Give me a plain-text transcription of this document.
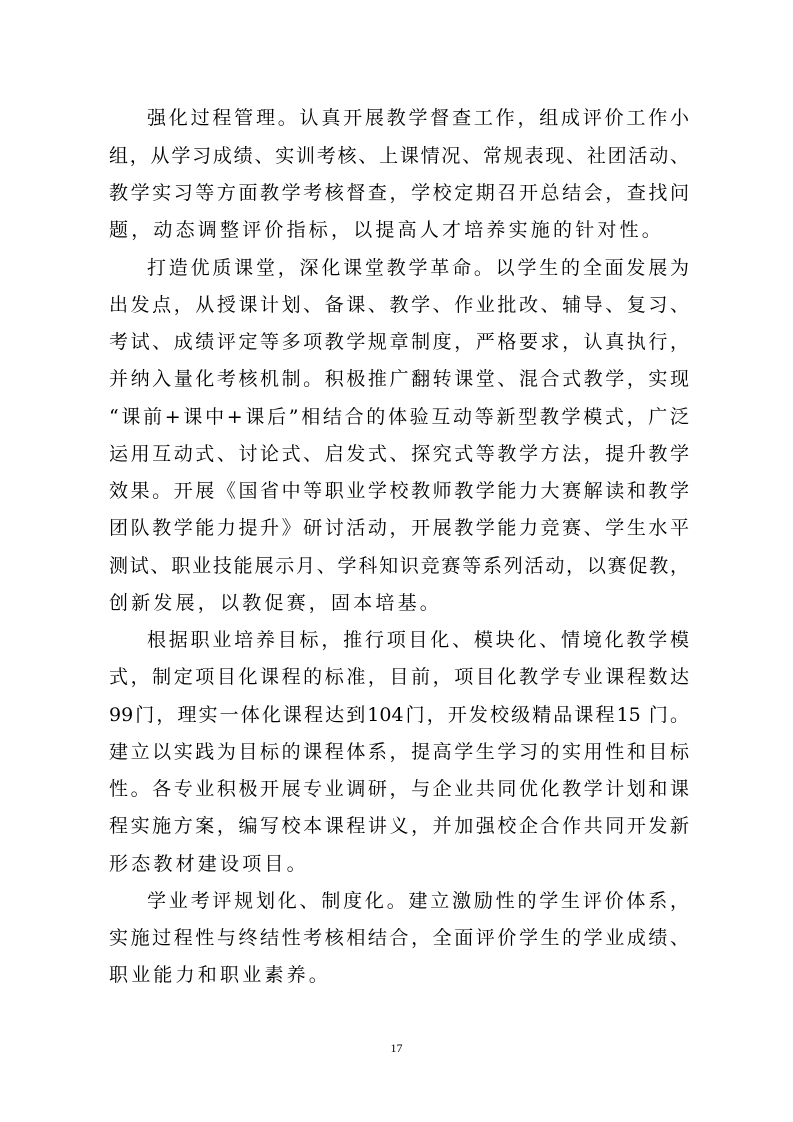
强化过程管理。认真开展教学督查工作，组成评价工作小
组，从学习成绩、实训考核、上课情况、常规表现、社团活动、
教学实习等方面教学考核督查，学校定期召开总结会，查找问
题，动态调整评价指标，以提高人才培养实施的针对性。
打造优质课堂，深化课堂教学革命。以学生的全面发展为
出发点，从授课计划、备课、教学、作业批改、辅导、复习、
考试、成绩评定等多项教学规章制度，严格要求，认真执行，
并纳入量化考核机制。积极推广翻转课堂、混合式教学，实现
“课前+课中+课后”相结合的体验互动等新型教学模式，广泛
运用互动式、讨论式、启发式、探究式等教学方法，提升教学
效果。开展《国省中等职业学校教师教学能力大赛解读和教学
团队教学能力提升》研讨活动，开展教学能力竞赛、学生水平
测试、职业技能展示月、学科知识竞赛等系列活动，以赛促教，
创新发展，以教促赛，固本培基。
根据职业培养目标，推行项目化、模块化、情境化教学模
式，制定项目化课程的标准，目前，项目化教学专业课程数达
99门，理实一体化课程达到104门，开发校级精品课程15 门。
建立以实践为目标的课程体系，提高学生学习的实用性和目标
性。各专业积极开展专业调研，与企业共同优化教学计划和课
程实施方案，编写校本课程讲义，并加强校企合作共同开发新
形态教材建设项目。
学业考评规划化、制度化。建立激励性的学生评价体系，
实施过程性与终结性考核相结合，全面评价学生的学业成绩、
职业能力和职业素养。
17
